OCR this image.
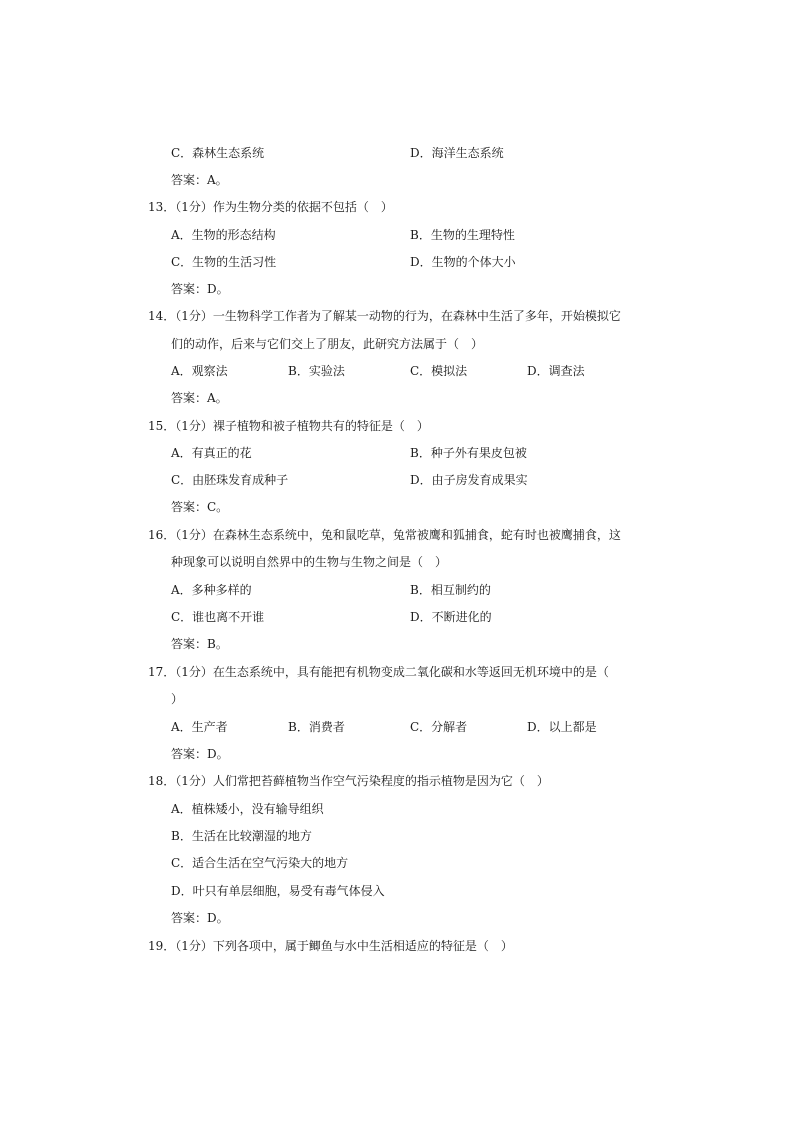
C．森林生态系统	D．海洋生态系统
答案：A。
13．（1分）作为生物分类的依据不包括（　）
A．生物的形态结构	B．生物的生理特性
C．生物的生活习性	D．生物的个体大小
答案：D。
14．（1分）一生物科学工作者为了解某一动物的行为，在森林中生活了多年，开始模拟它
们的动作，后来与它们交上了朋友，此研究方法属于（　）
A．观察法	B．实验法	C．模拟法	D．调查法
答案：A。
15．（1分）裸子植物和被子植物共有的特征是（　）
A．有真正的花	B．种子外有果皮包被
C．由胚珠发育成种子	D．由子房发育成果实
答案：C。
16．（1分）在森林生态系统中，兔和鼠吃草，兔常被鹰和狐捕食，蛇有时也被鹰捕食，这
种现象可以说明自然界中的生物与生物之间是（　）
A．多种多样的	B．相互制约的
C．谁也离不开谁	D．不断进化的
答案：B。
17．（1分）在生态系统中，具有能把有机物变成二氧化碳和水等返回无机环境中的是（
）
A．生产者	B．消费者	C．分解者	D．以上都是
答案：D。
18．（1分）人们常把苔藓植物当作空气污染程度的指示植物是因为它（　）
A．植株矮小，没有输导组织
B．生活在比较潮湿的地方
C．适合生活在空气污染大的地方
D．叶只有单层细胞，易受有毒气体侵入
答案：D。
19．（1分）下列各项中，属于鲫鱼与水中生活相适应的特征是（　）
